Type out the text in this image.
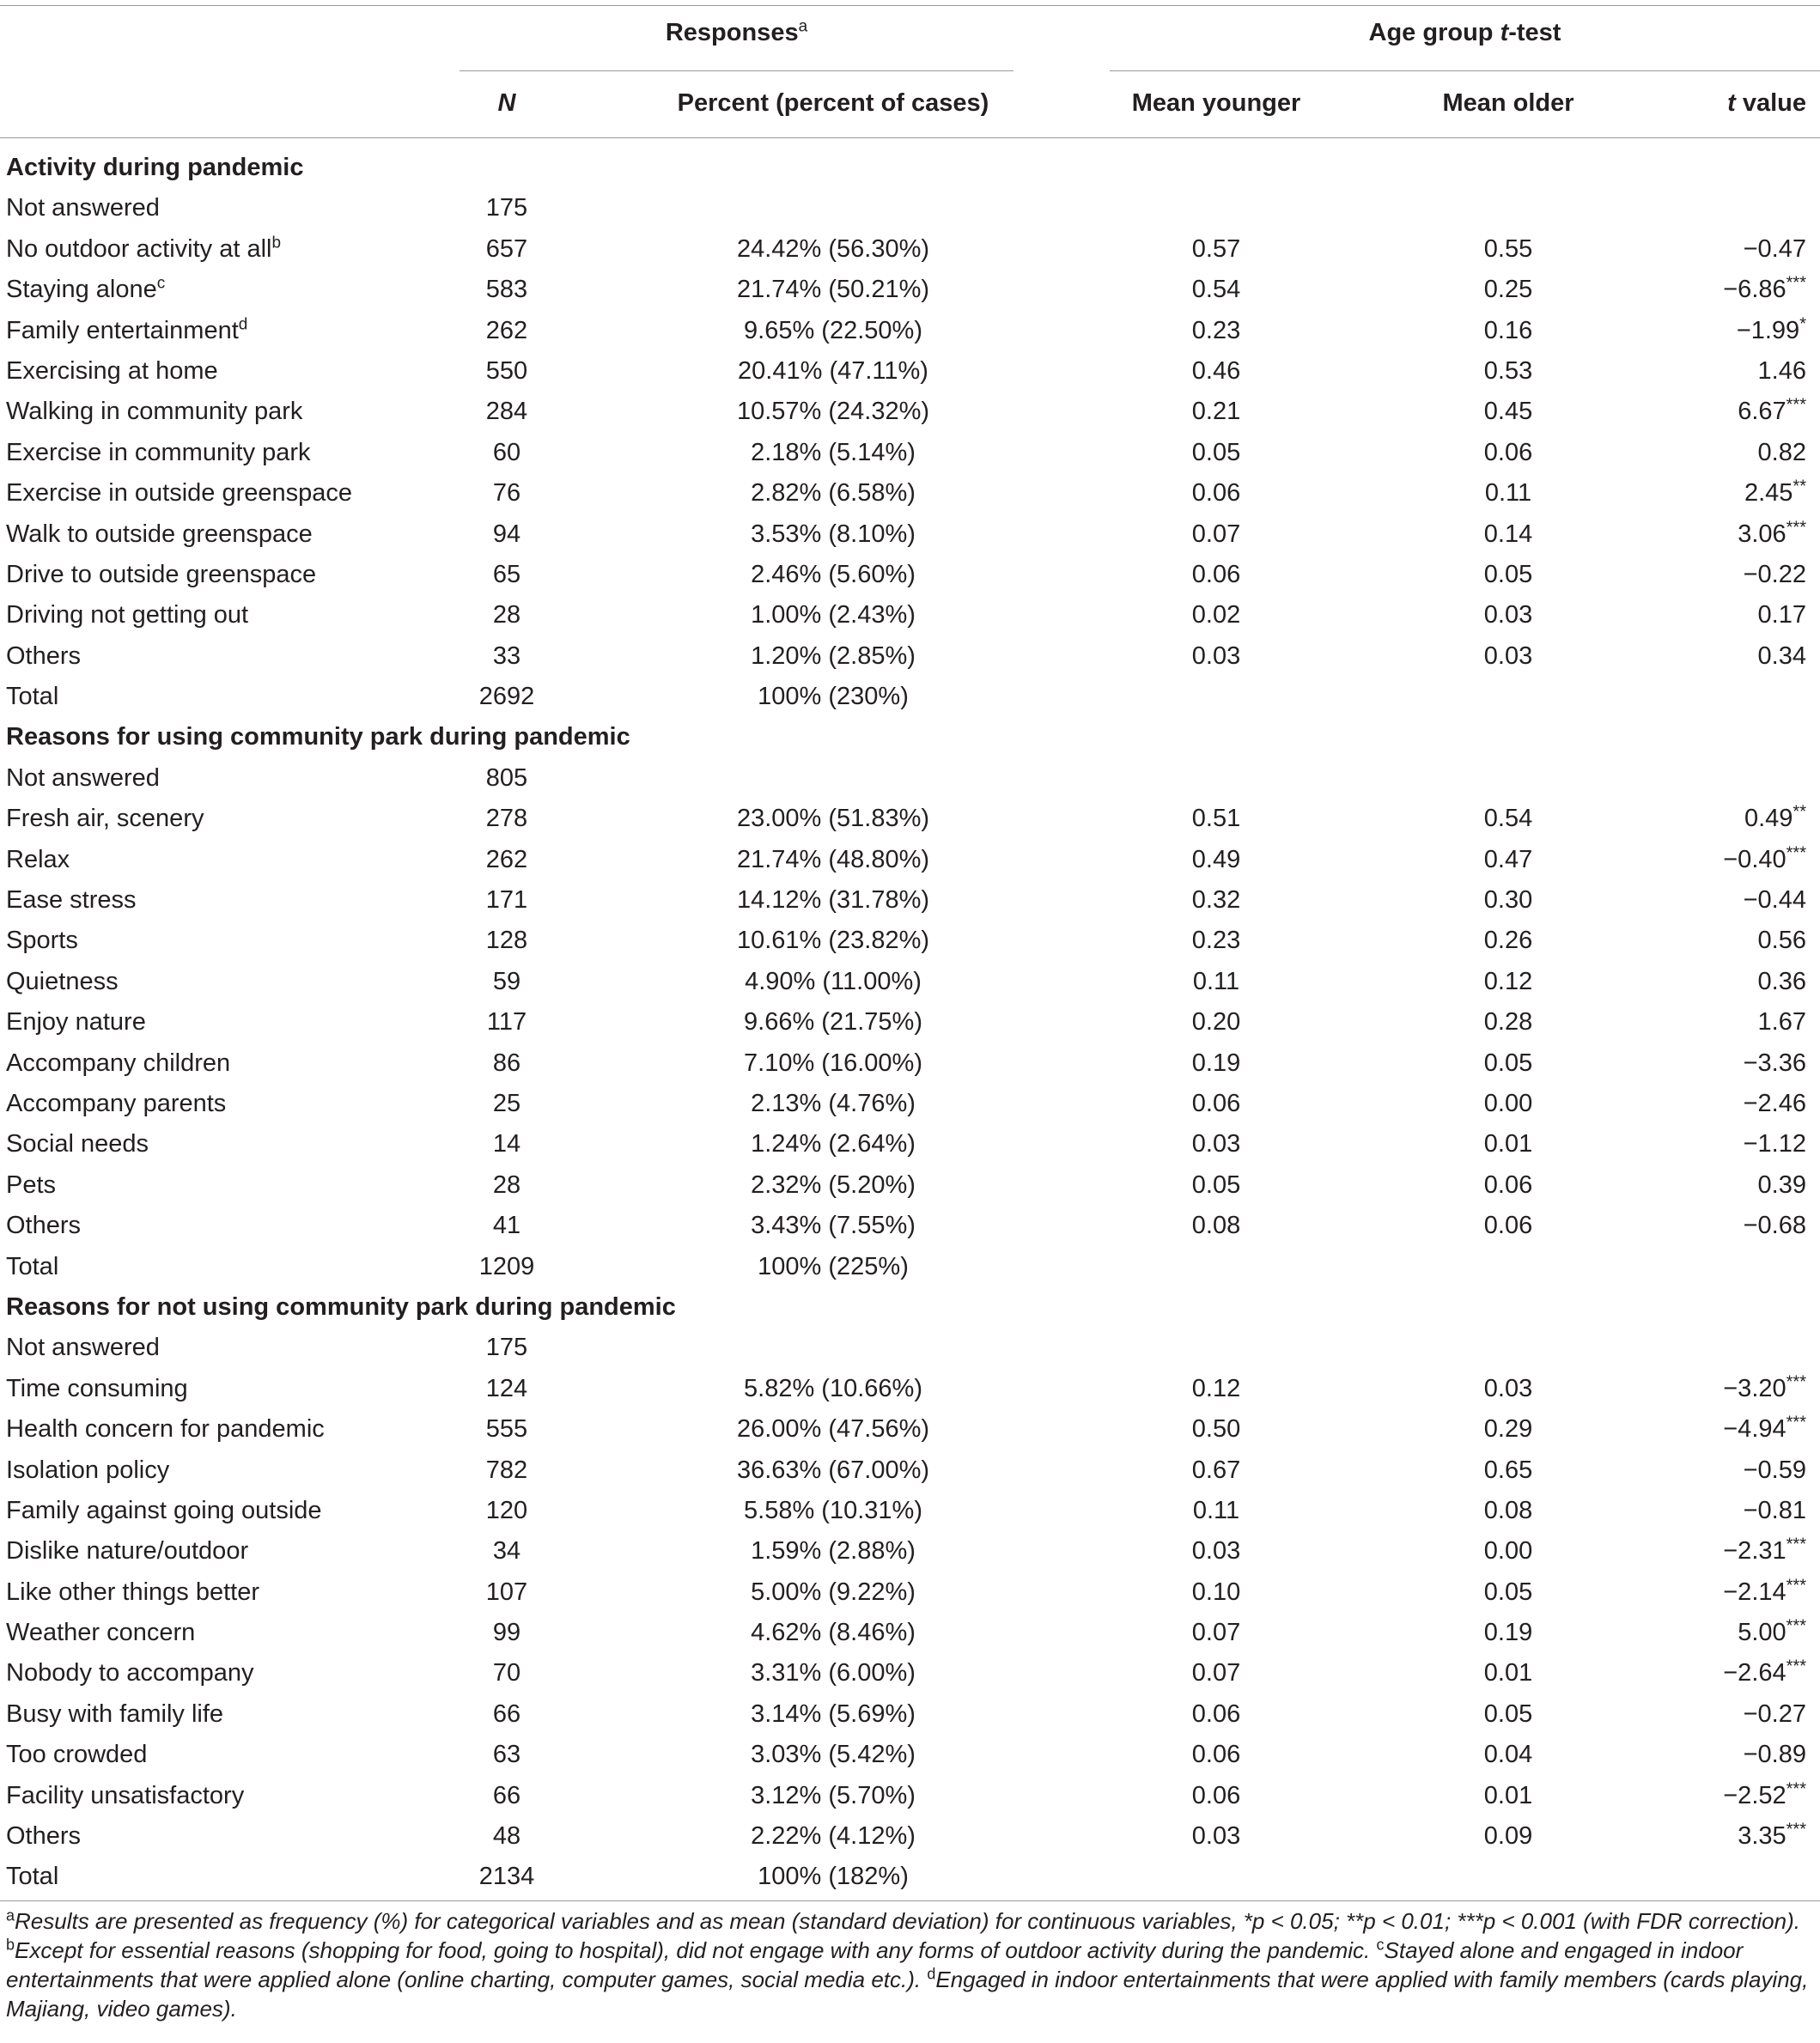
Responses$^a$	Age group t-test
N	Percent (percent of cases)	Mean younger	Mean older	t value
Activity during pandemic
Not answered	175
No outdoor activity at all$^b$	657	24.42% (56.30%)	0.57	0.55	−0.47
Staying alone$^c$	583	21.74% (50.21%)	0.54	0.25	−6.86***
Family entertainment$^d$	262	9.65% (22.50%)	0.23	0.16	−1.99*
Exercising at home	550	20.41% (47.11%)	0.46	0.53	1.46
Walking in community park	284	10.57% (24.32%)	0.21	0.45	6.67***
Exercise in community park	60	2.18% (5.14%)	0.05	0.06	0.82
Exercise in outside greenspace	76	2.82% (6.58%)	0.06	0.11	2.45**
Walk to outside greenspace	94	3.53% (8.10%)	0.07	0.14	3.06***
Drive to outside greenspace	65	2.46% (5.60%)	0.06	0.05	−0.22
Driving not getting out	28	1.00% (2.43%)	0.02	0.03	0.17
Others	33	1.20% (2.85%)	0.03	0.03	0.34
Total	2692	100% (230%)
Reasons for using community park during pandemic
Not answered	805
Fresh air, scenery	278	23.00% (51.83%)	0.51	0.54	0.49**
Relax	262	21.74% (48.80%)	0.49	0.47	−0.40***
Ease stress	171	14.12% (31.78%)	0.32	0.30	−0.44
Sports	128	10.61% (23.82%)	0.23	0.26	0.56
Quietness	59	4.90% (11.00%)	0.11	0.12	0.36
Enjoy nature	117	9.66% (21.75%)	0.20	0.28	1.67
Accompany children	86	7.10% (16.00%)	0.19	0.05	−3.36
Accompany parents	25	2.13% (4.76%)	0.06	0.00	−2.46
Social needs	14	1.24% (2.64%)	0.03	0.01	−1.12
Pets	28	2.32% (5.20%)	0.05	0.06	0.39
Others	41	3.43% (7.55%)	0.08	0.06	−0.68
Total	1209	100% (225%)
Reasons for not using community park during pandemic
Not answered	175
Time consuming	124	5.82% (10.66%)	0.12	0.03	−3.20***
Health concern for pandemic	555	26.00% (47.56%)	0.50	0.29	−4.94***
Isolation policy	782	36.63% (67.00%)	0.67	0.65	−0.59
Family against going outside	120	5.58% (10.31%)	0.11	0.08	−0.81
Dislike nature/outdoor	34	1.59% (2.88%)	0.03	0.00	−2.31***
Like other things better	107	5.00% (9.22%)	0.10	0.05	−2.14***
Weather concern	99	4.62% (8.46%)	0.07	0.19	5.00***
Nobody to accompany	70	3.31% (6.00%)	0.07	0.01	−2.64***
Busy with family life	66	3.14% (5.69%)	0.06	0.05	−0.27
Too crowded	63	3.03% (5.42%)	0.06	0.04	−0.89
Facility unsatisfactory	66	3.12% (5.70%)	0.06	0.01	−2.52***
Others	48	2.22% (4.12%)	0.03	0.09	3.35***
Total	2134	100% (182%)
$^a$Results are presented as frequency (%) for categorical variables and as mean (standard deviation) for continuous variables, *p < 0.05; **p < 0.01; ***p < 0.001 (with FDR correction). $^b$Except for essential reasons (shopping for food, going to hospital), did not engage with any forms of outdoor activity during the pandemic. $^c$Stayed alone and engaged in indoor entertainments that were applied alone (online charting, computer games, social media etc.). $^d$Engaged in indoor entertainments that were applied with family members (cards playing, Majiang, video games).
